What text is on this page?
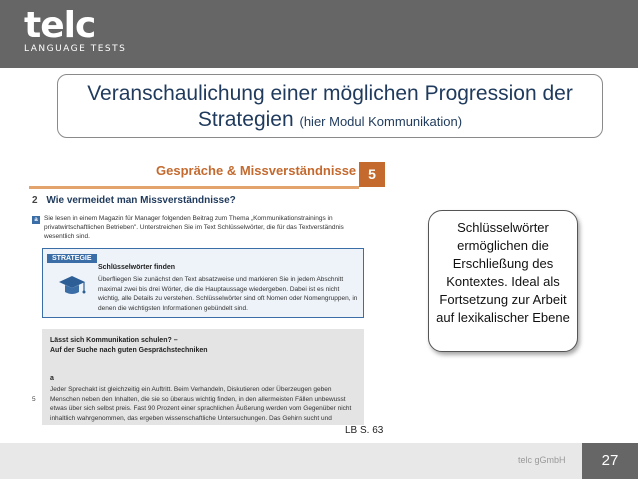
telc
LANGUAGE TESTS
Veranschaulichung einer möglichen Progression der
Strategien (hier Modul Kommunikation)
Gespräche & Missverständnisse 5
2 Wie vermeidet man Missverständnisse?
a Sie lesen in einem Magazin für Manager folgenden Beitrag zum Thema „Kommunikationstrainings in privatwirtschaftlichen Betrieben". Unterstreichen Sie im Text Schlüsselwörter, die für das Textverständnis wesentlich sind.
STRATEGIE
Schlüsselwörter finden
Überfliegen Sie zunächst den Text absatzweise und markieren Sie in jedem Abschnitt maximal zwei bis drei Wörter, die die Hauptaussage wiedergeben. Dabei ist es nicht wichtig, alle Details zu verstehen. Schlüsselwörter sind oft Nomen oder Nomengruppen, in denen die wichtigsten Informationen gebündelt sind.
Lässt sich Kommunikation schulen? –
Auf der Suche nach guten Gesprächstechniken
a
Jeder Sprechakt ist gleichzeitig ein Auftritt. Beim Verhandeln, Diskutieren oder Überzeugen geben Menschen neben den Inhalten, die sie so überaus wichtig finden, in den allermeisten Fällen unbewusst etwas über sich selbst preis. Fast 90 Prozent einer sprachlichen Äußerung werden vom Gegenüber nicht inhaltlich wahrgenommen, das ergeben wissenschaftliche Untersuchungen. Das Gehirn sucht und
5
Schlüsselwörter ermöglichen die Erschließung des Kontextes. Ideal als Fortsetzung zur Arbeit auf lexikalischer Ebene
LB S. 63
telc gGmbH	27
